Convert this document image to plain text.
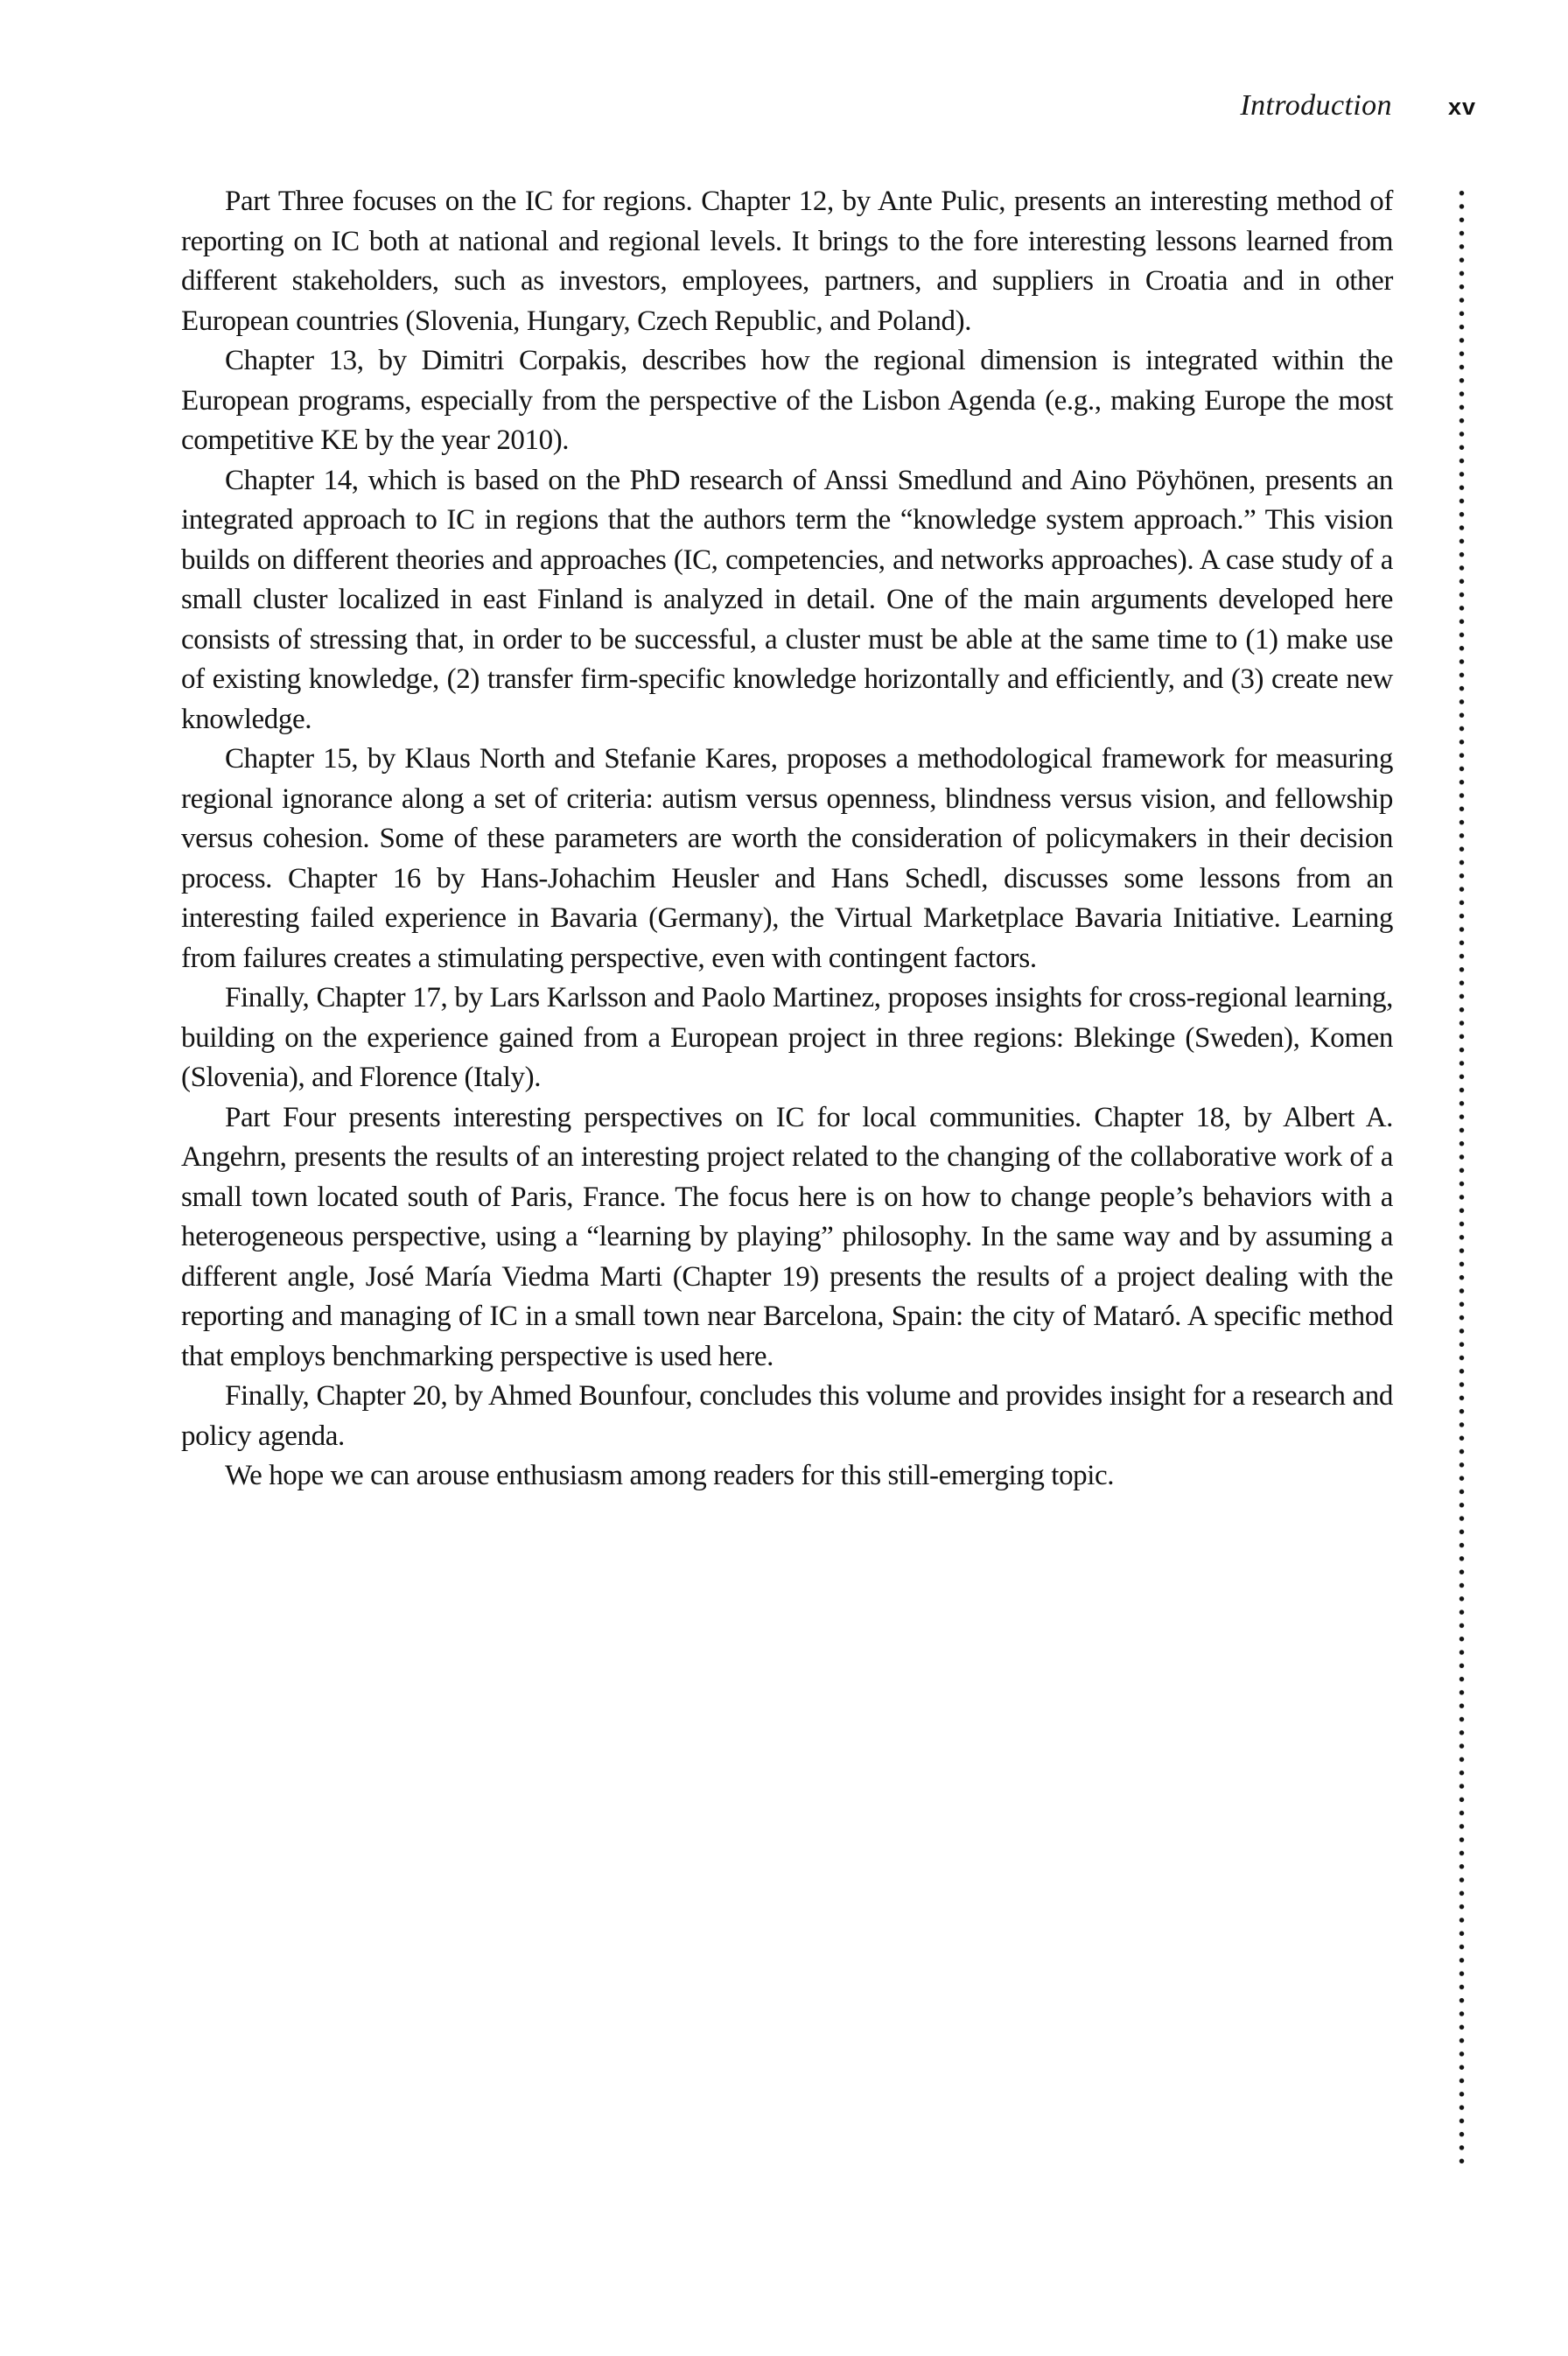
Introduction xv

Part Three focuses on the IC for regions. Chapter 12, by Ante Pulic, presents an interesting method of reporting on IC both at national and regional levels. It brings to the fore interesting lessons learned from different stakeholders, such as investors, employees, partners, and suppliers in Croatia and in other European countries (Slovenia, Hungary, Czech Republic, and Poland).

Chapter 13, by Dimitri Corpakis, describes how the regional dimension is integrated within the European programs, especially from the perspective of the Lisbon Agenda (e.g., making Europe the most competitive KE by the year 2010).

Chapter 14, which is based on the PhD research of Anssi Smedlund and Aino Pöyhönen, presents an integrated approach to IC in regions that the authors term the “knowledge system approach.” This vision builds on different theories and approaches (IC, competencies, and networks approaches). A case study of a small cluster localized in east Finland is analyzed in detail. One of the main arguments developed here consists of stressing that, in order to be successful, a cluster must be able at the same time to (1) make use of existing knowledge, (2) transfer firm-specific knowledge horizontally and efficiently, and (3) create new knowledge.

Chapter 15, by Klaus North and Stefanie Kares, proposes a methodological framework for measuring regional ignorance along a set of criteria: autism versus openness, blindness versus vision, and fellowship versus cohesion. Some of these parameters are worth the consideration of policymakers in their decision process. Chapter 16 by Hans-Johachim Heusler and Hans Schedl, discusses some lessons from an interesting failed experience in Bavaria (Germany), the Virtual Marketplace Bavaria Initiative. Learning from failures creates a stimulating perspective, even with contingent factors.

Finally, Chapter 17, by Lars Karlsson and Paolo Martinez, proposes insights for cross-regional learning, building on the experience gained from a European project in three regions: Blekinge (Sweden), Komen (Slovenia), and Florence (Italy).

Part Four presents interesting perspectives on IC for local communities. Chapter 18, by Albert A. Angehrn, presents the results of an interesting project related to the changing of the collaborative work of a small town located south of Paris, France. The focus here is on how to change people’s behaviors with a heterogeneous perspective, using a “learning by playing” philosophy. In the same way and by assuming a different angle, José María Viedma Marti (Chapter 19) presents the results of a project dealing with the reporting and managing of IC in a small town near Barcelona, Spain: the city of Mataró. A specific method that employs benchmarking perspective is used here.

Finally, Chapter 20, by Ahmed Bounfour, concludes this volume and provides insight for a research and policy agenda.

We hope we can arouse enthusiasm among readers for this still-emerging topic.
